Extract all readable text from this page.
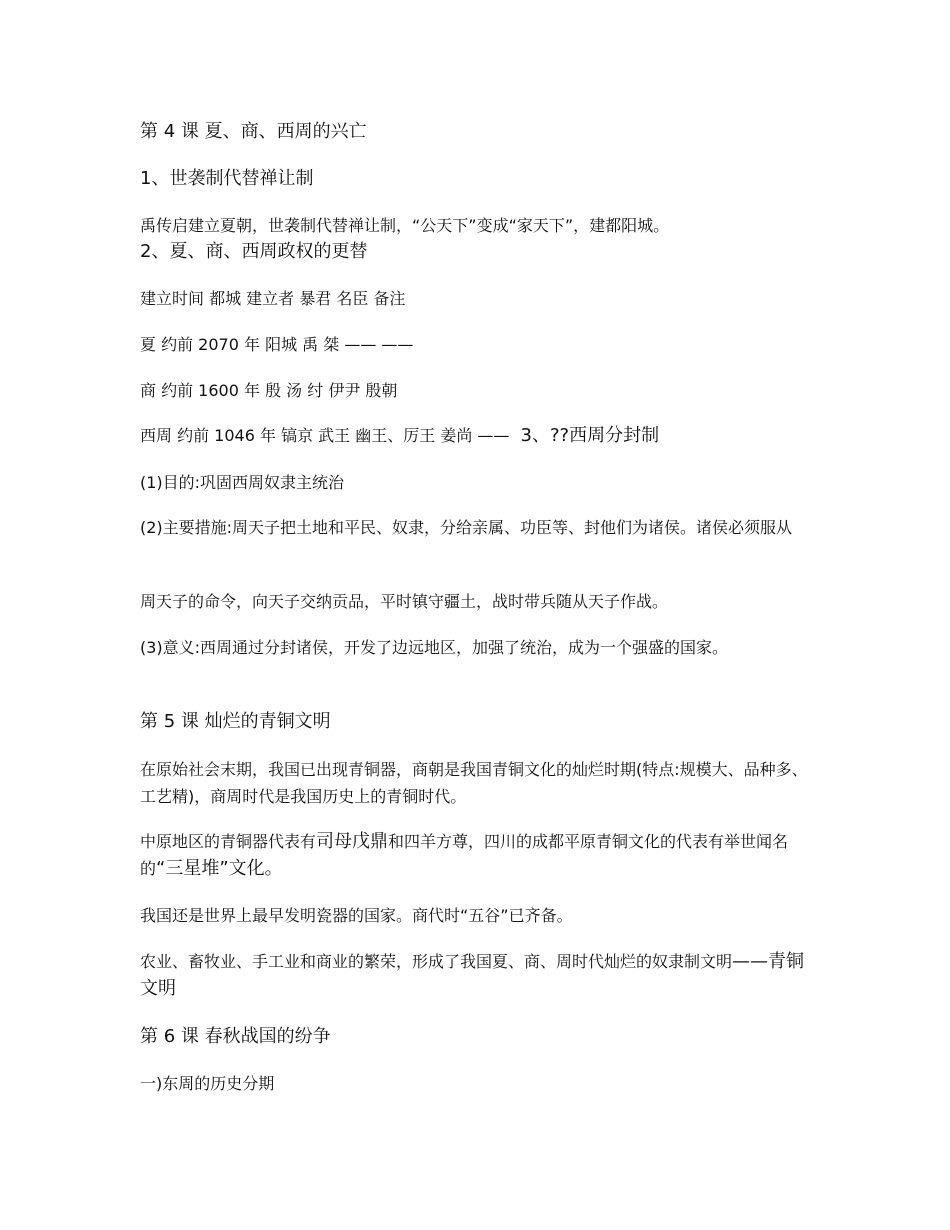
第 4 课 夏、商、西周的兴亡
1、世袭制代替禅让制
禹传启建立夏朝，世袭制代替禅让制，“公天下”变成“家天下”，建都阳城。
2、夏、商、西周政权的更替
建立时间 都城 建立者 暴君 名臣 备注
夏 约前 2070 年 阳城 禹 桀 —— ——
商 约前 1600 年 殷 汤 纣 伊尹 殷朝
西周 约前 1046 年 镐京 武王 幽王、厉王 姜尚 —— 3、??西周分封制
(1)目的:巩固西周奴隶主统治
(2)主要措施:周天子把土地和平民、奴隶，分给亲属、功臣等、封他们为诸侯。诸侯必须服从
周天子的命令，向天子交纳贡品，平时镇守疆土，战时带兵随从天子作战。
(3)意义:西周通过分封诸侯，开发了边远地区，加强了统治，成为一个强盛的国家。
第 5 课 灿烂的青铜文明
在原始社会末期，我国已出现青铜器，商朝是我国青铜文化的灿烂时期(特点:规模大、品种多、工艺精)，商周时代是我国历史上的青铜时代。
中原地区的青铜器代表有司母戊鼎和四羊方尊，四川的成都平原青铜文化的代表有举世闻名的“三星堆”文化。
我国还是世界上最早发明瓷器的国家。商代时“五谷”已齐备。
农业、畜牧业、手工业和商业的繁荣，形成了我国夏、商、周时代灿烂的奴隶制文明——青铜文明
第 6 课 春秋战国的纷争
一)东周的历史分期
